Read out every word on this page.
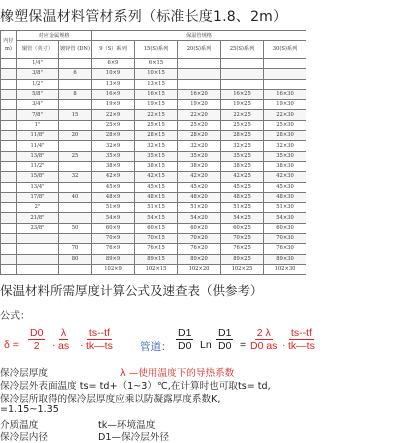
橡塑保温材料管材系列（标准长度1.8、2m）
内径
m)	对应金属规格		保温管规格				
	铜管（英寸）	镀锌管 (DN)	9（S）系列	15(S)系列	20(S)系列	25(S)系列	30(S)系列
	1/4"		6×9	6×15			
	3/8"	6	10×9	10×15			
	1/2"		13×9	13×15			
	5/8"	8	16×9	16×15	16×20	16×25	16×30
	3/4"		19×9	19×15	19×20	19×25	19×30
	7/8"	15	22×9	22×15	22×20	22×25	22×30
	1"		25×9	25×15	25×20	25×25	25×30
	11/8"	20	28×9	28×15	28×20	28×25	28×30
	11/4"		32×9	32×15	32×20	32×25	32×30
	13/8"	25	35×9	35×15	35×20	35×25	35×30
	11/2"		38×9	38×15	38×20	38×25	38×30
	15/8"	32	42×9	42×15	42×20	42×25	42×30
	13/4"		45×9	45×15	45×20	45×25	45×30
	17/8"	40	48×9	48×15	48×20	48×25	48×30
	2"		51×9	51×15	51×20	51×25	51×30
	21/8"		54×9	54×15	54×20	54×25	54×30
	23/8"	50	60×9	60×15	60×20	60×25	60×30
			70×9	70×15	70×20	70×25	70×30
		70	76×9	76×15	76×20	76×25	76×30
		80	89×9	89×15	89×20	89×25	89×30
			102×9	102×15	102×20	102×25	102×30
保温材料所需厚度计算公式及速查表（供参考）
公式：
$\delta = \frac{D0}{2} \cdot \frac{\lambda}{as} \cdot \frac{ts--tf}{tk—ts}$	管道： $\frac{D1}{D0}$ Ln $\frac{D1}{D0} = \frac{2 \lambda}{D0 as} \cdot \frac{ts--tf}{tk—ts}$
保冷层厚度	λ —使用温度下的导热系数
保冷层外表面温度 ts= td+（1~3）℃,在计算时也可取ts= td,
保冷层所取得的保冷层厚度应乘以防凝露厚度系数K,
=1.15~1.35
介质温度	tk—环境温度
保冷层内径	D1—保冷层外径
